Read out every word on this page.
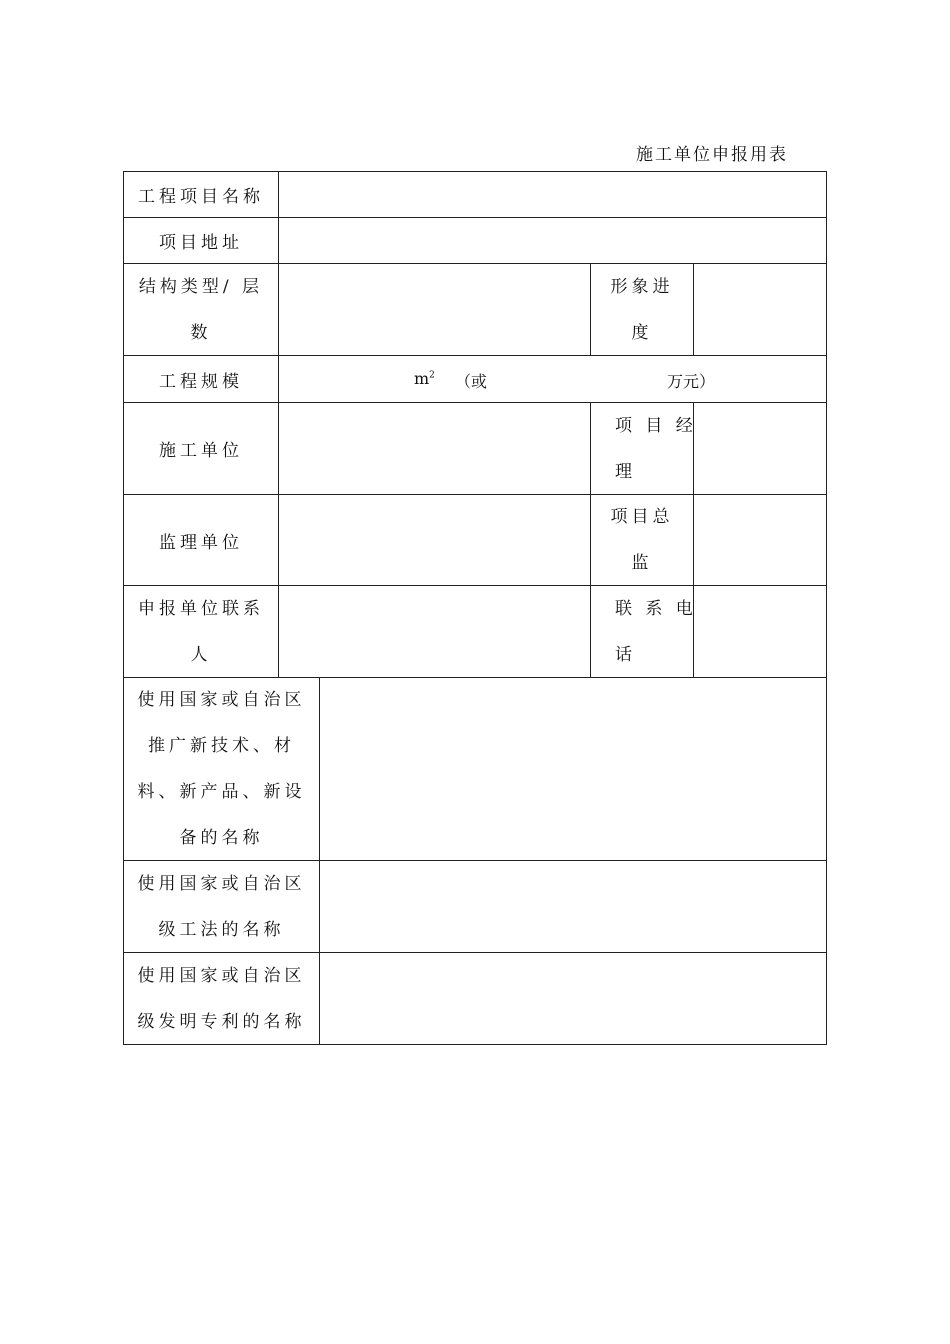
施工单位申报用表
工程项目名称
项目地址
结构类型/ 层
数
形象进
度
工程规模	$m^2$ （或	万元）
施工单位
项 目 经
理
监理单位
项目总
监
申报单位联系
人
联 系 电
话
使用国家或自治区
推广新技术、材
料、新产品、新设
备的名称
使用国家或自治区
级工法的名称
使用国家或自治区
级发明专利的名称
